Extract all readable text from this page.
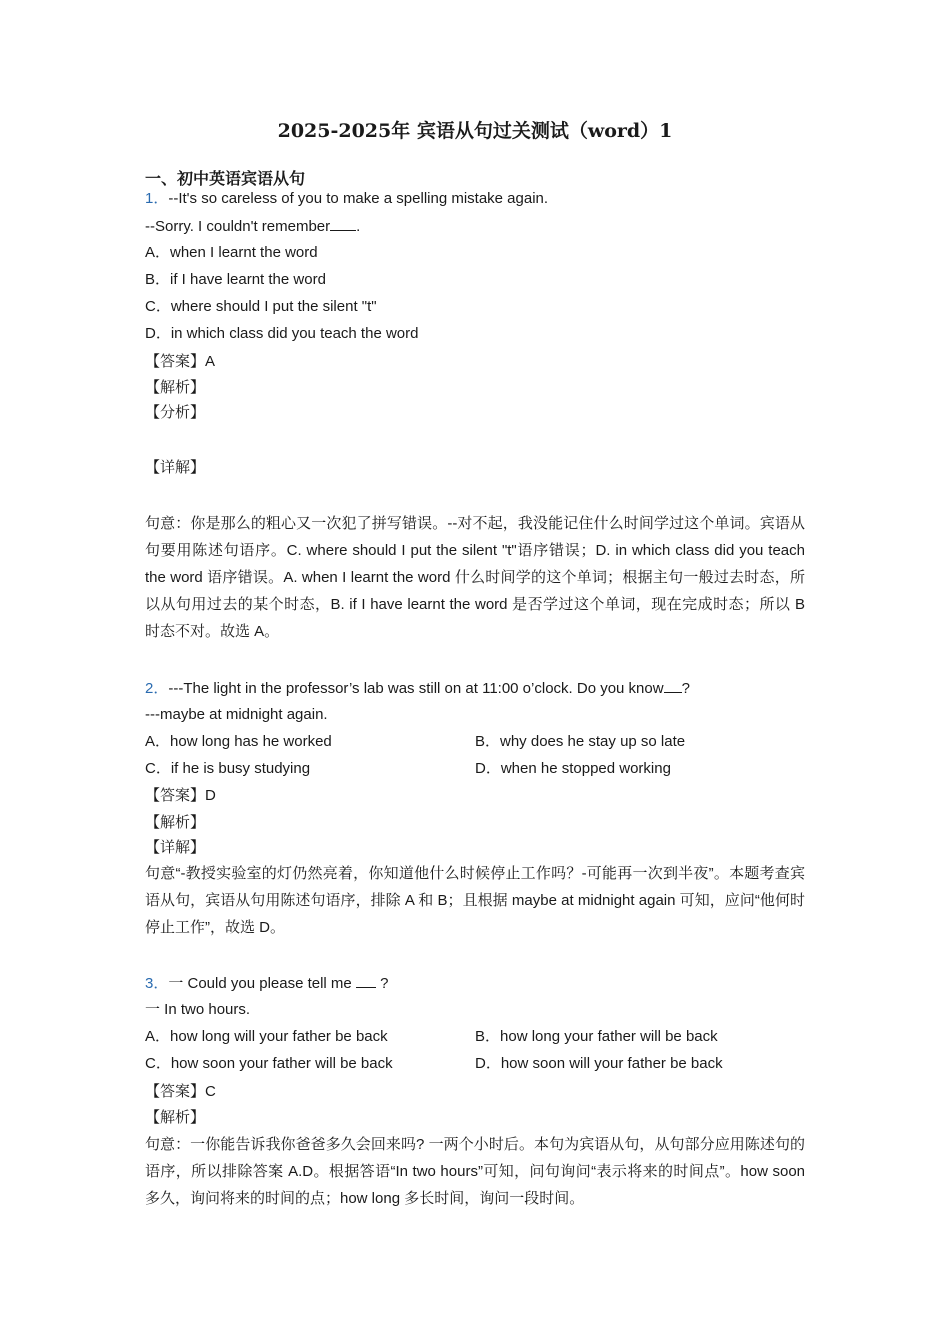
2025-2025年 宾语从句过关测试（word）1
一、初中英语宾语从句
1．--It's so careless of you to make a spelling mistake again.
--Sorry. I couldn't remember .
A．when I learnt the word
B．if I have learnt the word
C．where should I put the silent "t"
D．in which class did you teach the word
【答案】A
【解析】
【分析】
【详解】
句意：你是那么的粗心又一次犯了拼写错误。--对不起，我没能记住什么时间学过这个单词。宾语从句要用陈述句语序。C. where should I put the silent "t"语序错误；D. in which class did you teach the word 语序错误。A. when I learnt the word 什么时间学的这个单词；根据主句一般过去时态，所以从句用过去的某个时态，B. if I have learnt the word 是否学过这个单词，现在完成时态；所以 B 时态不对。故选 A。
2．---The light in the professor’s lab was still on at 11:00 o’clock. Do you know ?
---maybe at midnight again.
A．how long has he worked	B．why does he stay up so late
C．if he is busy studying	D．when he stopped working
【答案】D
【解析】
【详解】
句意“-教授实验室的灯仍然亮着，你知道他什么时候停止工作吗？-可能再一次到半夜”。本题考查宾语从句，宾语从句用陈述句语序，排除 A 和 B；且根据 maybe at midnight again 可知，应问“他何时停止工作”，故选 D。
3．一 Could you please tell me ?
一 In two hours.
A．how long will your father be back	B．how long your father will be back
C．how soon your father will be back	D．how soon will your father be back
【答案】C
【解析】
句意：一你能告诉我你爸爸多久会回来吗? 一两个小时后。本句为宾语从句，从句部分应用陈述句的语序，所以排除答案 A.D。根据答语“In two hours”可知，问句询问“表示将来的时间点”。how soon 多久，询问将来的时间的点；how long 多长时间，询问一段时间。
